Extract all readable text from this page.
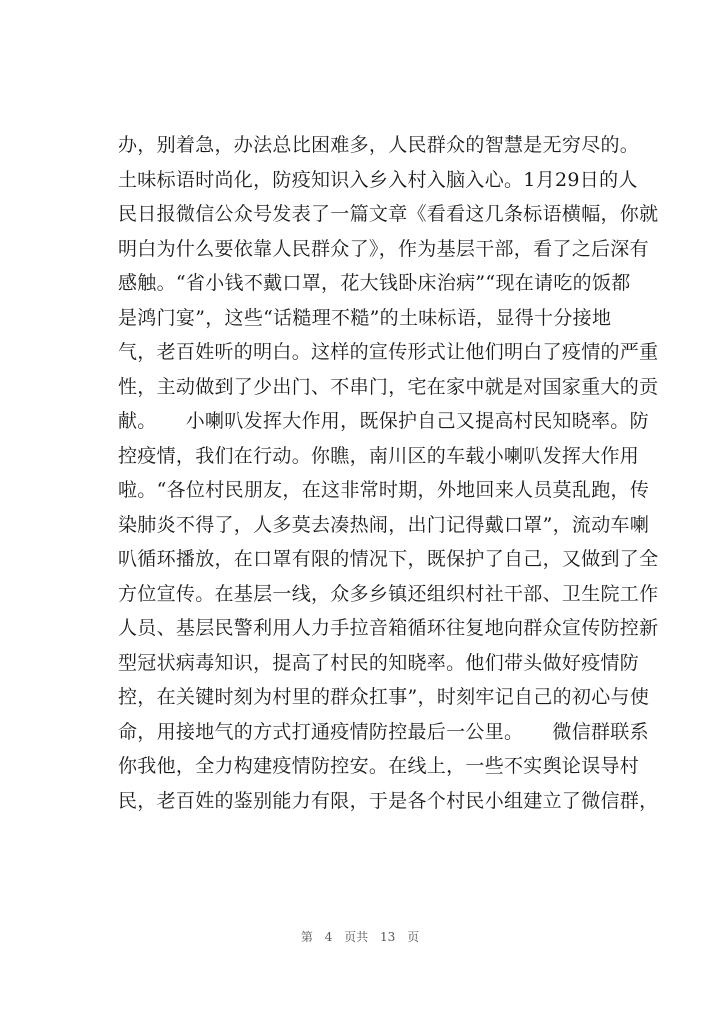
办，别着急，办法总比困难多，人民群众的智慧是无穷尽的。
土味标语时尚化，防疫知识入乡入村入脑入心。1月29日的人
民日报微信公众号发表了一篇文章《看看这几条标语横幅，你就
明白为什么要依靠人民群众了》，作为基层干部，看了之后深有
感触。“省小钱不戴口罩，花大钱卧床治病”“现在请吃的饭都
是鸿门宴”，这些“话糙理不糙”的土味标语，显得十分接地
气，老百姓听的明白。这样的宣传形式让他们明白了疫情的严重
性，主动做到了少出门、不串门，宅在家中就是对国家重大的贡
献。　　小喇叭发挥大作用，既保护自己又提高村民知晓率。防
控疫情，我们在行动。你瞧，南川区的车载小喇叭发挥大作用
啦。“各位村民朋友，在这非常时期，外地回来人员莫乱跑，传
染肺炎不得了，人多莫去凑热闹，出门记得戴口罩”，流动车喇
叭循环播放，在口罩有限的情况下，既保护了自己，又做到了全
方位宣传。在基层一线，众多乡镇还组织村社干部、卫生院工作
人员、基层民警利用人力手拉音箱循环往复地向群众宣传防控新
型冠状病毒知识，提高了村民的知晓率。他们带头做好疫情防
控，在关键时刻为村里的群众扛事”，时刻牢记自己的初心与使
命，用接地气的方式打通疫情防控最后一公里。　　微信群联系
你我他，全力构建疫情防控安。在线上，一些不实舆论误导村
民，老百姓的鉴别能力有限，于是各个村民小组建立了微信群，
第 4 页共 13 页
